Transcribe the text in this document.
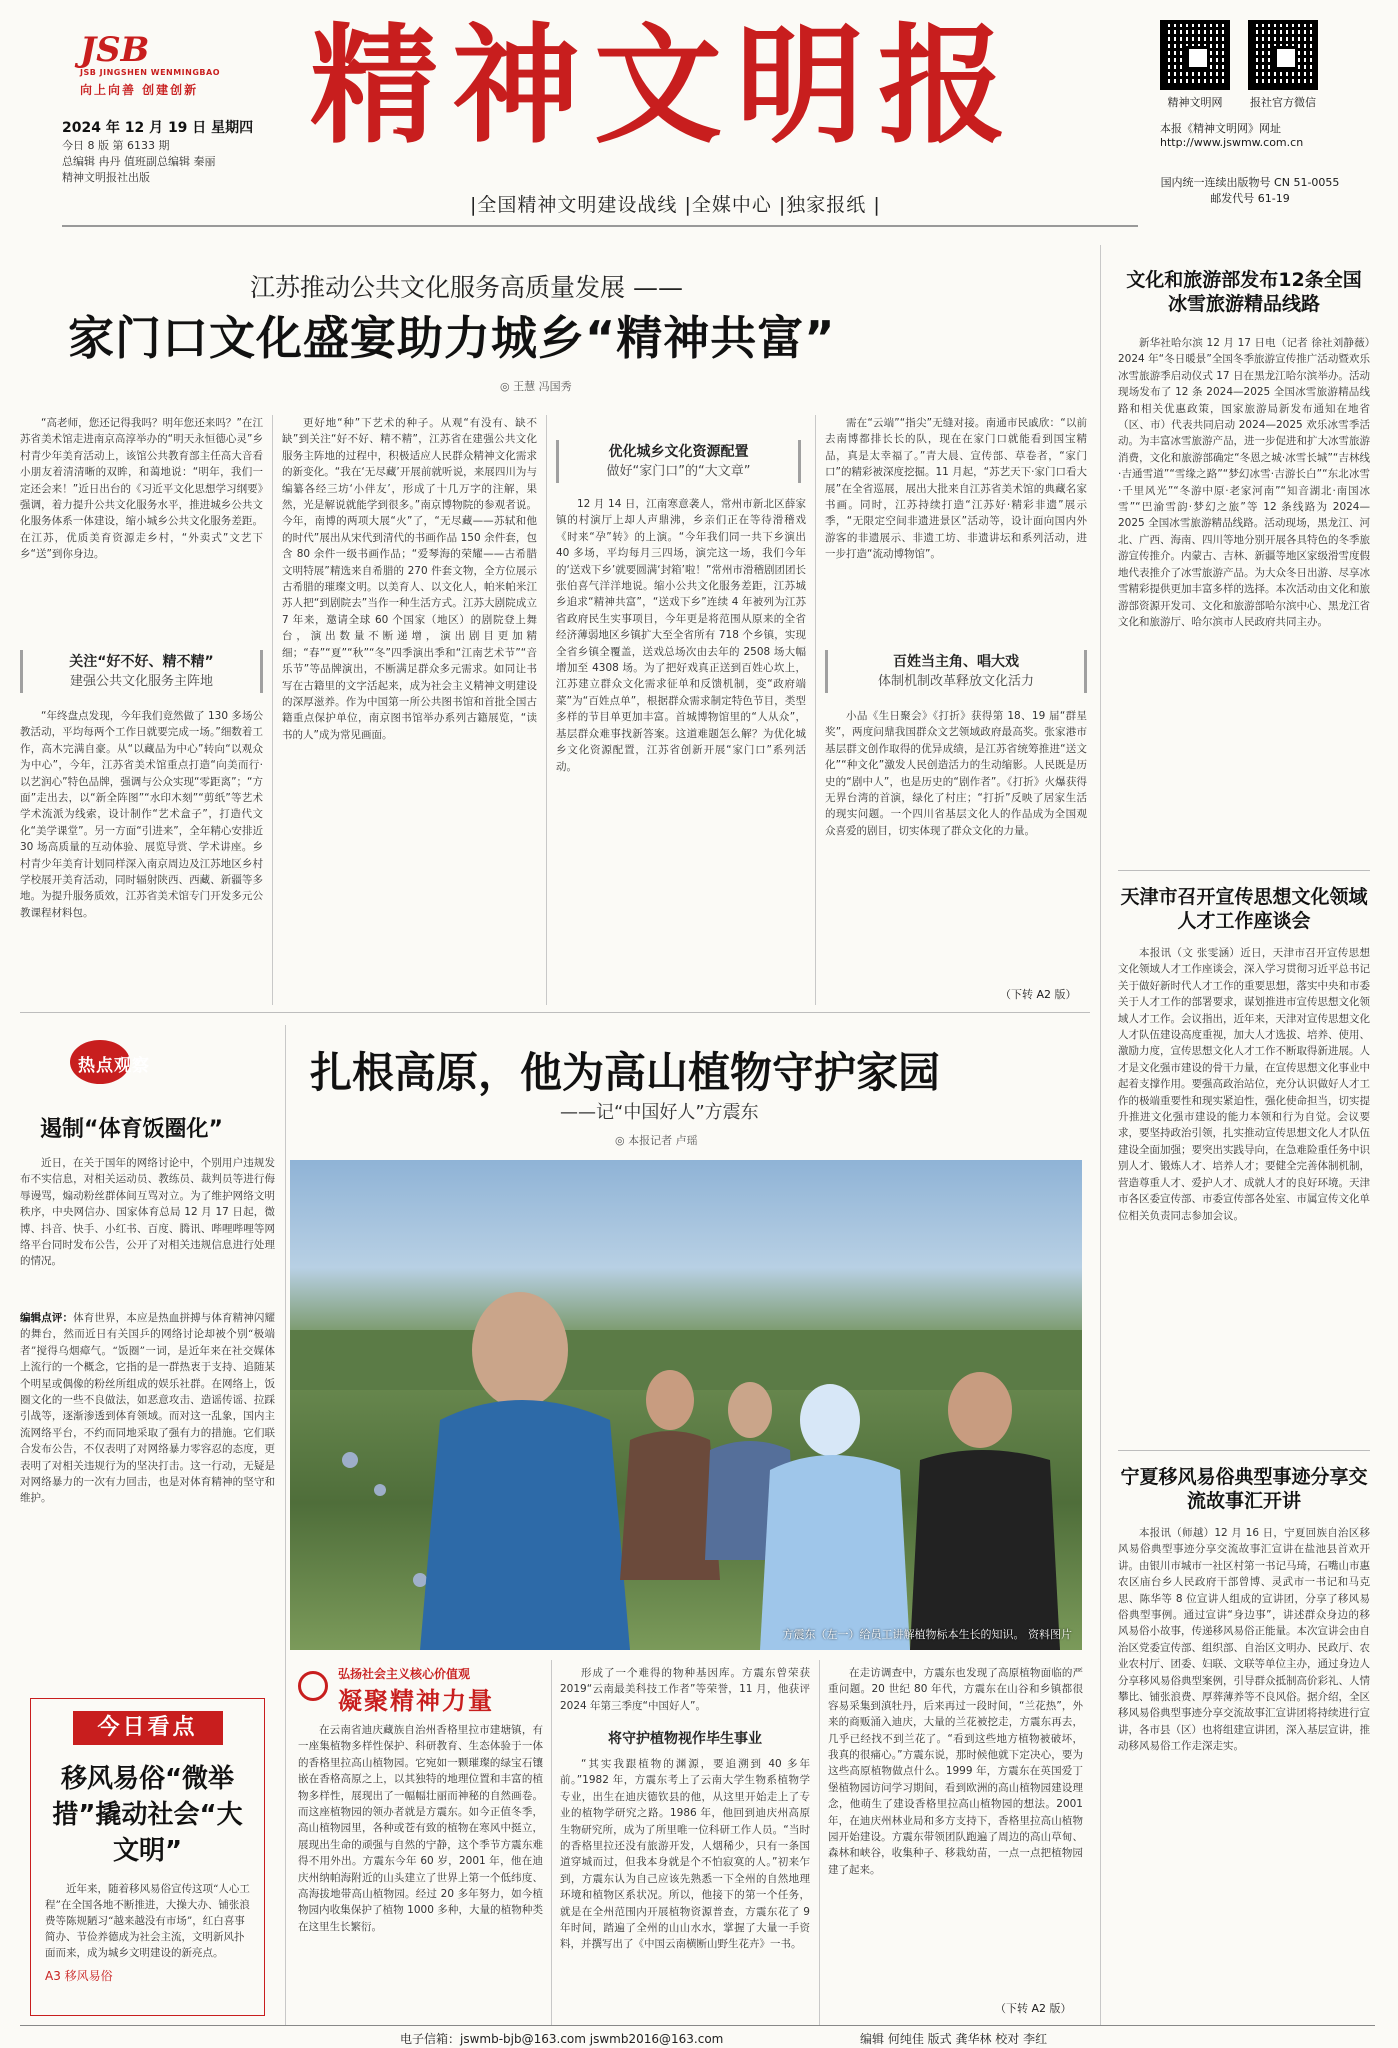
JSB
JSB JINGSHEN WENMINGBAO
向上向善 创建创新 精神文明报
2024 年 12 月 19 日 星期四
今日 8 版 第 6133 期
总编辑 冉丹 值班副总编辑 秦丽
精神文明报社出版
|全国精神文明建设战线 |全媒中心 |独家报纸 |
精神文明网	报社官方微信
本报《精神文明网》网址
http://www.jswmw.com.cn
国内统一连续出版物号 CN 51-0055
邮发代号 61-19
江苏推动公共文化服务高质量发展 ——
家门口文化盛宴助力城乡“精神共富”
◎ 王慧 冯国秀
“高老师，您还记得我吗？明年您还来吗？”在江苏省美术馆走进南京高淳举办的“明天永恒德心灵”乡村青少年美育活动上，该馆公共教育部主任高大音看小朋友着清清晰的双眸，和蔼地说：“明年，我们一定还会来！”近日出台的《习近平文化思想学习纲要》强调，着力提升公共文化服务水平，推进城乡公共文化服务体系一体建设，缩小城乡公共文化服务差距。在江苏，优质美育资源走乡村，“外卖式”文艺下乡“送”到你身边。
关注“好不好、精不精”
建强公共文化服务主阵地
“年终盘点发现，今年我们竟然做了 130 多场公教活动，平均每两个工作日就要完成一场。”细数着工作，高木完满自豪。从“以藏品为中心”转向“以观众为中心”，今年，江苏省美术馆重点打造“向美而行·以艺润心”特色品牌，强调与公众实现“零距离”；“方面”走出去，以“新全阵图”“水印木刻”“剪纸”等艺术学术流派为线索，设计制作“艺术盒子”，打造代文化“美学课堂”。另一方面“引进来”，全年精心安排近 30 场高质量的互动体验、展览导赏、学术讲座。乡村青少年美育计划同样深入南京周边及江苏地区乡村学校展开美育活动，同时辐射陕西、西藏、新疆等多地。为提升服务质效，江苏省美术馆专门开发多元公教课程材料包。
更好地“种”下艺术的种子。从观“有没有、缺不缺”到关注“好不好、精不精”，江苏省在建强公共文化服务主阵地的过程中，积极适应人民群众精神文化需求的新变化。“我在‘无尽藏’开展前就听说，来展四川为与编纂各经三坊‘小伴友’，形成了十几万字的注解，果然，光是解说就能学到很多。”南京博物院的参观者说。今年，南博的两项大展“火”了，“无尽藏——苏轼和他的时代”展出从宋代到清代的书画作品 150 余件套，包含 80 余件一级书画作品；“爱琴海的荣耀——古希腊文明特展”精选来自希腊的 270 件套文物，全方位展示古希腊的璀璨文明。以美育人、以文化人，帕米帕米江苏人把“到剧院去”当作一种生活方式。江苏大剧院成立 7 年来，邀请全球 60 个国家（地区）的剧院登上舞台，演出数量不断递增，演出剧目更加精细；“春”“夏”“秋”“冬”四季演出季和“江南艺术节”“音乐节”等品牌演出，不断满足群众多元需求。如同让书写在古籍里的文字活起来，成为社会主义精神文明建设的深厚滋养。作为中国第一所公共图书馆和首批全国古籍重点保护单位，南京图书馆举办系列古籍展览，“读书的人”成为常见画面。
优化城乡文化资源配置
做好“家门口”的“大文章”
12 月 14 日，江南寒意袭人，常州市新北区薛家镇的村演厅上却人声鼎沸，乡亲们正在等待滑稽戏《时来“孕”转》的上演。“今年我们同一共下乡演出 40 多场，平均每月三四场，演完这一场，我们今年的‘送戏下乡’就要圆满‘封箱’啦！”常州市滑稽剧团团长张伯喜气洋洋地说。缩小公共文化服务差距，江苏城乡追求“精神共富”，“送戏下乡”连续 4 年被列为江苏省政府民生实事项目，今年更是将范围从原来的全省经济薄弱地区乡镇扩大至全省所有 718 个乡镇，实现全省乡镇全覆盖，送戏总场次由去年的 2508 场大幅增加至 4308 场。为了把好戏真正送到百姓心坎上，江苏建立群众文化需求征单和反馈机制，变“政府端菜”为“百姓点单”，根据群众需求制定特色节目，类型多样的节目单更加丰富。首城博物馆里的“人从众”，基层群众难事找新答案。这道难题怎么解？为优化城乡文化资源配置，江苏省创新开展“家门口”系列活动。
需在“云端”“指尖”无缝对接。南通市民戚欣：“以前去南博都排长长的队，现在在家门口就能看到国宝精品，真是太幸福了。”青大晨、宣传部、草卷者，“家门口”的精彩被深度挖掘。11 月起，“苏艺天下·家门口看大展”在全省巡展，展出大批来自江苏省美术馆的典藏名家书画。同时，江苏持续打造“江苏好·精彩非遗”展示季，“无限定空间非遗进景区”活动等，设计面向国内外游客的非遗展示、非遗工坊、非遗讲坛和系列活动，进一步打造“流动博物馆”。
百姓当主角、唱大戏
体制机制改革释放文化活力
小品《生日聚会》《打折》获得第 18、19 届“群星奖”，两度问鼎我国群众文艺领域政府最高奖。张家港市基层群文创作取得的优异成绩，是江苏省统筹推进“送文化”“种文化”激发人民创造活力的生动缩影。人民既是历史的“剧中人”，也是历史的“剧作者”。《打折》火爆获得无界台湾的首演，绿化了村庄；“打折”反映了居家生活的现实问题。一个四川省基层文化人的作品成为全国观众喜爱的剧目，切实体现了群众文化的力量。
（下转 A2 版）
文化和旅游部发布12条全国冰雪旅游精品线路
新华社哈尔滨 12 月 17 日电（记者 徐社刘静薇）2024 年“冬日暖景”全国冬季旅游宣传推广活动暨欢乐冰雪旅游季启动仪式 17 日在黑龙江哈尔滨举办。活动现场发布了 12 条 2024—2025 全国冰雪旅游精品线路和相关优惠政策，国家旅游局新发布通知在地省（区、市）代表共同启动 2024—2025 欢乐冰雪季活动。为丰富冰雪旅游产品，进一步促进和扩大冰雪旅游消费，文化和旅游部确定“冬恩之城·冰雪长城”“吉林线·吉通雪道”“雪缘之路”“梦幻冰雪·吉游长白”“东北冰雪·千里风光”“冬游中原·老家河南”“知音湖北·南国冰雪”“巴渝雪韵·梦幻之旅”等 12 条线路为 2024—2025 全国冰雪旅游精品线路。活动现场，黑龙江、河北、广西、海南、四川等地分别开展各具特色的冬季旅游宣传推介。内蒙古、吉林、新疆等地区家级滑雪度假地代表推介了冰雪旅游产品。为大众冬日出游、尽享冰雪精彩提供更加丰富多样的选择。本次活动由文化和旅游部资源开发司、文化和旅游部哈尔滨中心、黑龙江省文化和旅游厅、哈尔滨市人民政府共同主办。
天津市召开宣传思想文化领域人才工作座谈会
本报讯（文 张雯涵）近日，天津市召开宣传思想文化领域人才工作座谈会，深入学习贯彻习近平总书记关于做好新时代人才工作的重要思想，落实中央和市委关于人才工作的部署要求，谋划推进市宣传思想文化领域人才工作。会议指出，近年来，天津对宣传思想文化人才队伍建设高度重视，加大人才选拔、培养、使用、激励力度，宣传思想文化人才工作不断取得新进展。人才是文化强市建设的骨干力量，在宣传思想文化事业中起着支撑作用。要强高政治站位，充分认识做好人才工作的极端重要性和现实紧迫性，强化使命担当，切实提升推进文化强市建设的能力本领和行为自觉。会议要求，要坚持政治引领，扎实推动宣传思想文化人才队伍建设全面加强；要突出实践导向，在急难险重任务中识别人才、锻炼人才、培养人才；要健全完善体制机制，营造尊重人才、爱护人才、成就人才的良好环境。天津市各区委宣传部、市委宣传部各处室、市属宣传文化单位相关负责同志参加会议。
宁夏移风易俗典型事迹分享交流故事汇开讲
本报讯（师越）12 月 16 日，宁夏回族自治区移风易俗典型事迹分享交流故事汇宣讲在盐池县首欢开讲。由银川市城市一社区村第一书记马琦，石嘴山市惠农区庙台乡人民政府干部曾博、灵武市一书记和马克思、陈华等 8 位宣讲人组成的宣讲团，分享了移风易俗典型事例。通过宣讲“身边事”，讲述群众身边的移风易俗小故事，传递移风易俗正能量。本次宣讲会由自治区党委宣传部、组织部、自治区文明办、民政厅、农业农村厅、团委、妇联、文联等单位主办，通过身边人分享移风易俗典型案例，引导群众抵制高价彩礼、人情攀比、铺张浪费、厚葬薄养等不良风俗。据介绍，全区移风易俗典型事迹分享交流故事汇宣讲团将持续进行宣讲，各市县（区）也将组建宣讲团，深入基层宣讲，推动移风易俗工作走深走实。
热点观察
遏制“体育饭圈化”
近日，在关于国年的网络讨论中，个别用户违规发布不实信息，对相关运动员、教练员、裁判员等进行侮辱谩骂，煽动粉丝群体间互骂对立。为了维护网络文明秩序，中央网信办、国家体育总局 12 月 17 日起，微博、抖音、快手、小红书、百度、腾讯、哔哩哔哩等网络平台同时发布公告，公开了对相关违规信息进行处理的情况。
编辑点评：体育世界，本应是热血拼搏与体育精神闪耀的舞台，然而近日有关国乒的网络讨论却被个别“极端者”搅得乌烟瘴气。“饭圈”一词，是近年来在社交媒体上流行的一个概念，它指的是一群热衷于支持、追随某个明星或偶像的粉丝所组成的娱乐社群。在网络上，饭圈文化的一些不良做法，如恶意攻击、造谣传谣、拉踩引战等，逐渐渗透到体育领域。而对这一乱象，国内主流网络平台，不约而同地采取了强有力的措施。它们联合发布公告，不仅表明了对网络暴力零容忍的态度，更表明了对相关违规行为的坚决打击。这一行动，无疑是对网络暴力的一次有力回击，也是对体育精神的坚守和维护。
今日看点
移风易俗“微举措”撬动社会“大文明”
近年来，随着移风易俗宣传这项“人心工程”在全国各地不断推进，大操大办、铺张浪费等陈规陋习“越来越没有市场”，红白喜事简办、节俭养德成为社会主流，文明新风扑面而来，成为城乡文明建设的新亮点。
A3 移风易俗
扎根高原，他为高山植物守护家园
——记“中国好人”方震东
◎ 本报记者 卢瑶
方震东（左一）给员工讲解植物标本生长的知识。 资料图片
弘扬社会主义核心价值观
凝聚精神力量
在云南省迪庆藏族自治州香格里拉市建塘镇，有一座集植物多样性保护、科研教育、生态体验于一体的香格里拉高山植物园。它宛如一颗璀璨的绿宝石镶嵌在香格高原之上，以其独特的地理位置和丰富的植物多样性，展现出了一幅幅壮丽而神秘的自然画卷。而这座植物园的领办者就是方震东。如今正值冬季，高山植物园里，各种或苍有致的植物在寒风中挺立，展现出生命的顽强与自然的宁静，这个季节方震东难得不用外出。方震东今年 60 岁，2001 年，他在迪庆州纳帕海附近的山头建立了世界上第一个低纬度、高海拔地带高山植物园。经过 20 多年努力，如今植物园内收集保护了植物 1000 多种，大量的植物种类在这里生长繁衍。
形成了一个难得的物种基因库。方震东曾荣获 2019“云南最美科技工作者”等荣誉，11 月，他获评 2024 年第三季度“中国好人”。
将守护植物视作毕生事业
“其实我跟植物的渊源，要追溯到 40 多年前。”1982 年，方震东考上了云南大学生物系植物学专业，出生在迪庆德钦县的他，从这里开始走上了专业的植物学研究之路。1986 年，他回到迪庆州高原生物研究所，成为了所里唯一位科研工作人员。“当时的香格里拉还没有旅游开发，人烟稀少，只有一条国道穿城而过，但我本身就是个不怕寂寞的人。”初来乍到，方震东认为自己应该先熟悉一下全州的自然地理环境和植物区系状况。所以，他接下的第一个任务，就是在全州范围内开展植物资源普查，方震东花了 9 年时间，踏遍了全州的山山水水，掌握了大量一手资料，并撰写出了《中国云南横断山野生花卉》一书。
在走访调查中，方震东也发现了高原植物面临的严重问题。20 世纪 80 年代，方震东在山谷和乡镇都很容易采集到滇牡丹，后来再过一段时间，“兰花热”，外来的商贩涌入迪庆，大量的兰花被挖走，方震东再去，几乎已经找不到兰花了。“看到这些地方植物被破坏，我真的很痛心。”方震东说，那时候他就下定决心，要为这些高原植物做点什么。1999 年，方震东在英国爱丁堡植物园访问学习期间，看到欧洲的高山植物园建设理念，他萌生了建设香格里拉高山植物园的想法。2001 年，在迪庆州林业局和多方支持下，香格里拉高山植物园开始建设。方震东带领团队跑遍了周边的高山草甸、森林和峡谷，收集种子、移栽幼苗，一点一点把植物园建了起来。
（下转 A2 版）
电子信箱：jswmb-bjb@163.com jswmb2016@163.com	编辑 何纯佳 版式 龚华林 校对 李红
